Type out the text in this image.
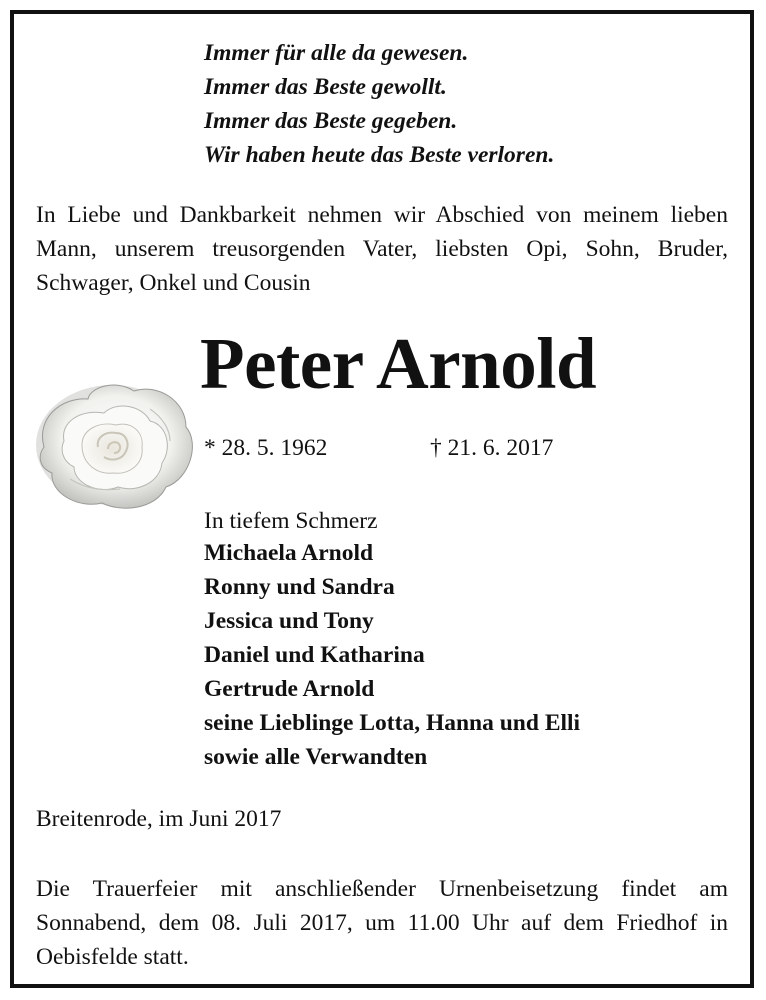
Immer für alle da gewesen.
Immer das Beste gewollt.
Immer das Beste gegeben.
Wir haben heute das Beste verloren.
In Liebe und Dankbarkeit nehmen wir Abschied von meinem lieben Mann, unserem treusorgenden Vater, liebsten Opi, Sohn, Bruder, Schwager, Onkel und Cousin
Peter Arnold
* 28. 5. 1962	† 21. 6. 2017
In tiefem Schmerz
Michaela Arnold
Ronny und Sandra
Jessica und Tony
Daniel und Katharina
Gertrude Arnold
seine Lieblinge Lotta, Hanna und Elli
sowie alle Verwandten
Breitenrode, im Juni 2017
Die Trauerfeier mit anschließender Urnenbeisetzung findet am Sonnabend, dem 08. Juli 2017, um 11.00 Uhr auf dem Friedhof in Oebisfelde statt.
